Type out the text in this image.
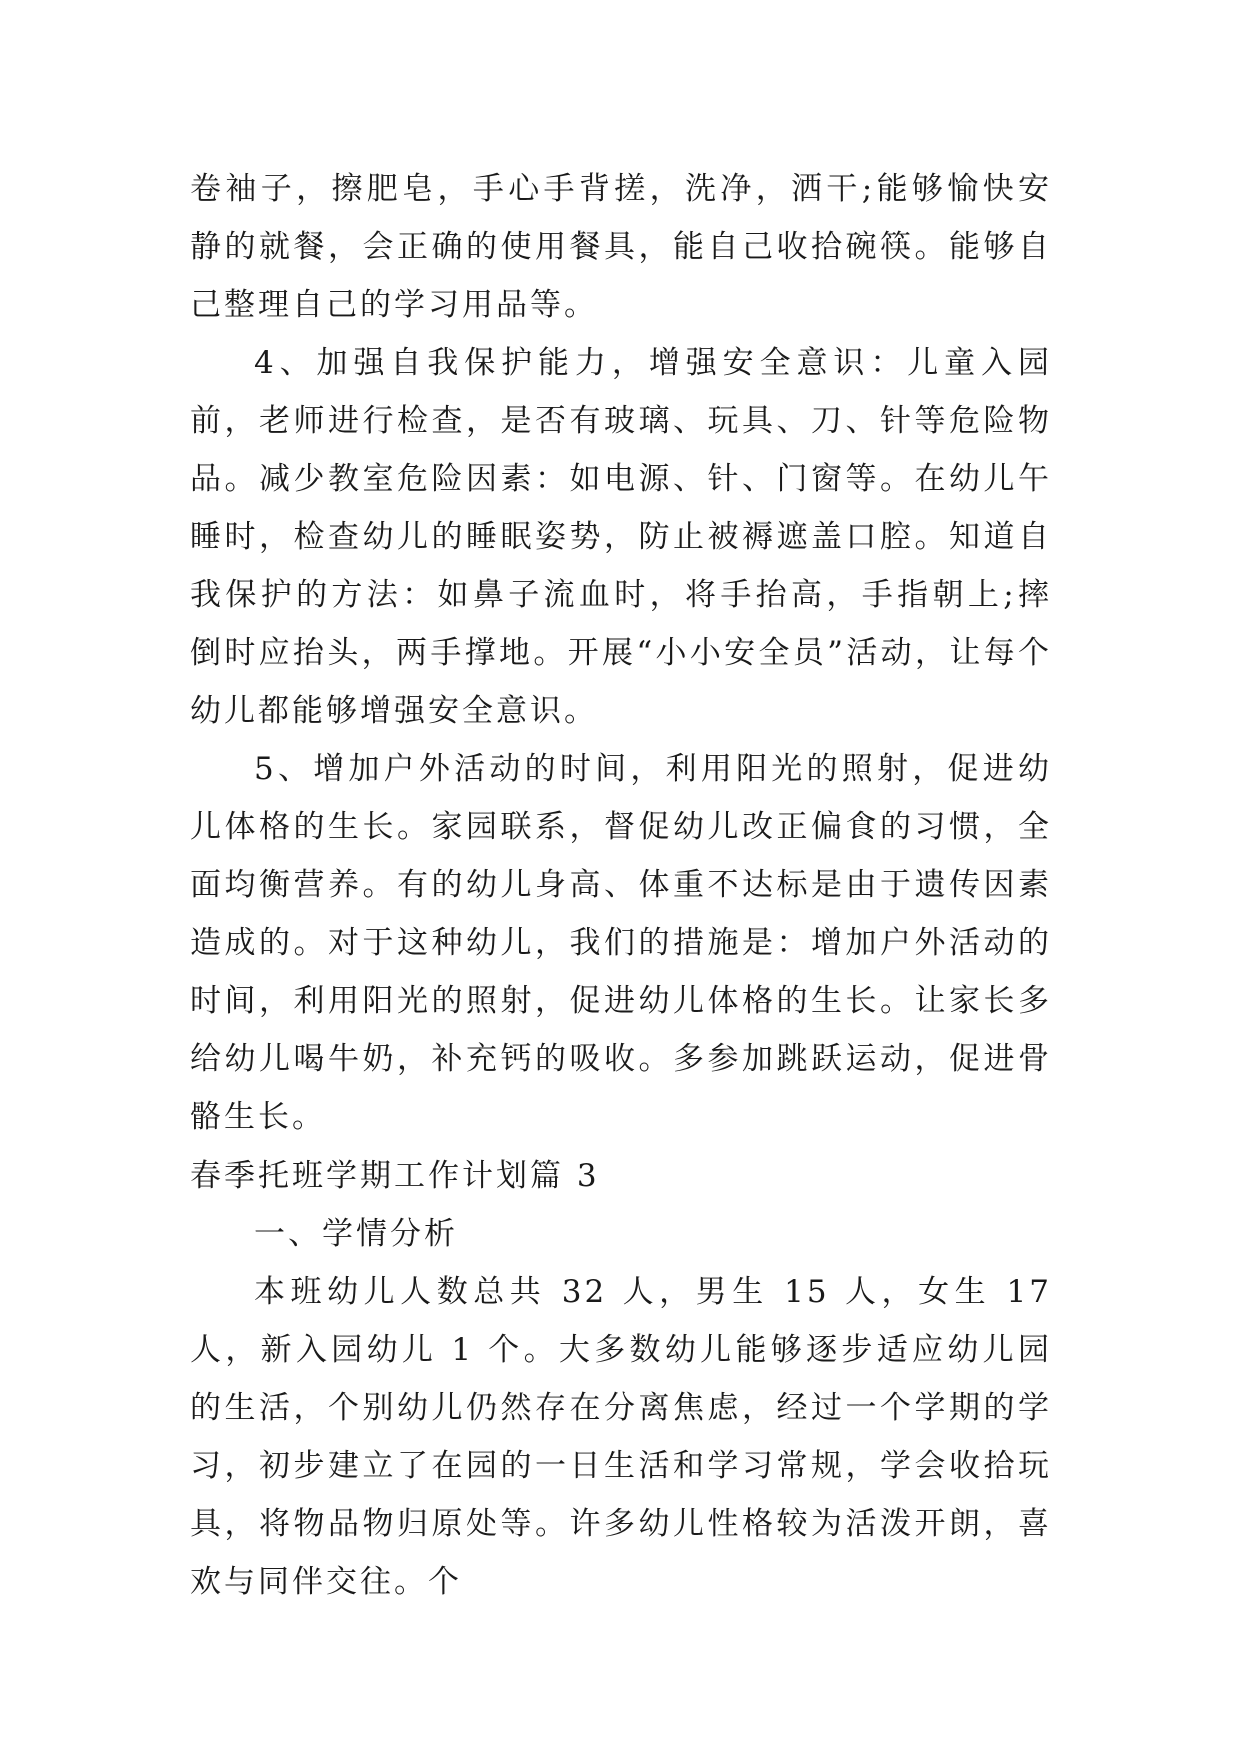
卷袖子，擦肥皂，手心手背搓，洗净，洒干;能够愉快安静的就餐，会正确的使用餐具，能自己收拾碗筷。能够自己整理自己的学习用品等。

4、加强自我保护能力，增强安全意识：儿童入园前，老师进行检查，是否有玻璃、玩具、刀、针等危险物品。减少教室危险因素：如电源、针、门窗等。在幼儿午睡时，检查幼儿的睡眠姿势，防止被褥遮盖口腔。知道自我保护的方法：如鼻子流血时，将手抬高，手指朝上;摔倒时应抬头，两手撑地。开展“小小安全员”活动，让每个幼儿都能够增强安全意识。

5、增加户外活动的时间，利用阳光的照射，促进幼儿体格的生长。家园联系，督促幼儿改正偏食的习惯，全面均衡营养。有的幼儿身高、体重不达标是由于遗传因素造成的。对于这种幼儿，我们的措施是：增加户外活动的时间，利用阳光的照射，促进幼儿体格的生长。让家长多给幼儿喝牛奶，补充钙的吸收。多参加跳跃运动，促进骨骼生长。

春季托班学期工作计划篇 3
一、学情分析

本班幼儿人数总共 32 人，男生 15 人，女生 17 人，新入园幼儿 1 个。大多数幼儿能够逐步适应幼儿园的生活，个别幼儿仍然存在分离焦虑，经过一个学期的学习，初步建立了在园的一日生活和学习常规，学会收拾玩具，将物品物归原处等。许多幼儿性格较为活泼开朗，喜欢与同伴交往。个
